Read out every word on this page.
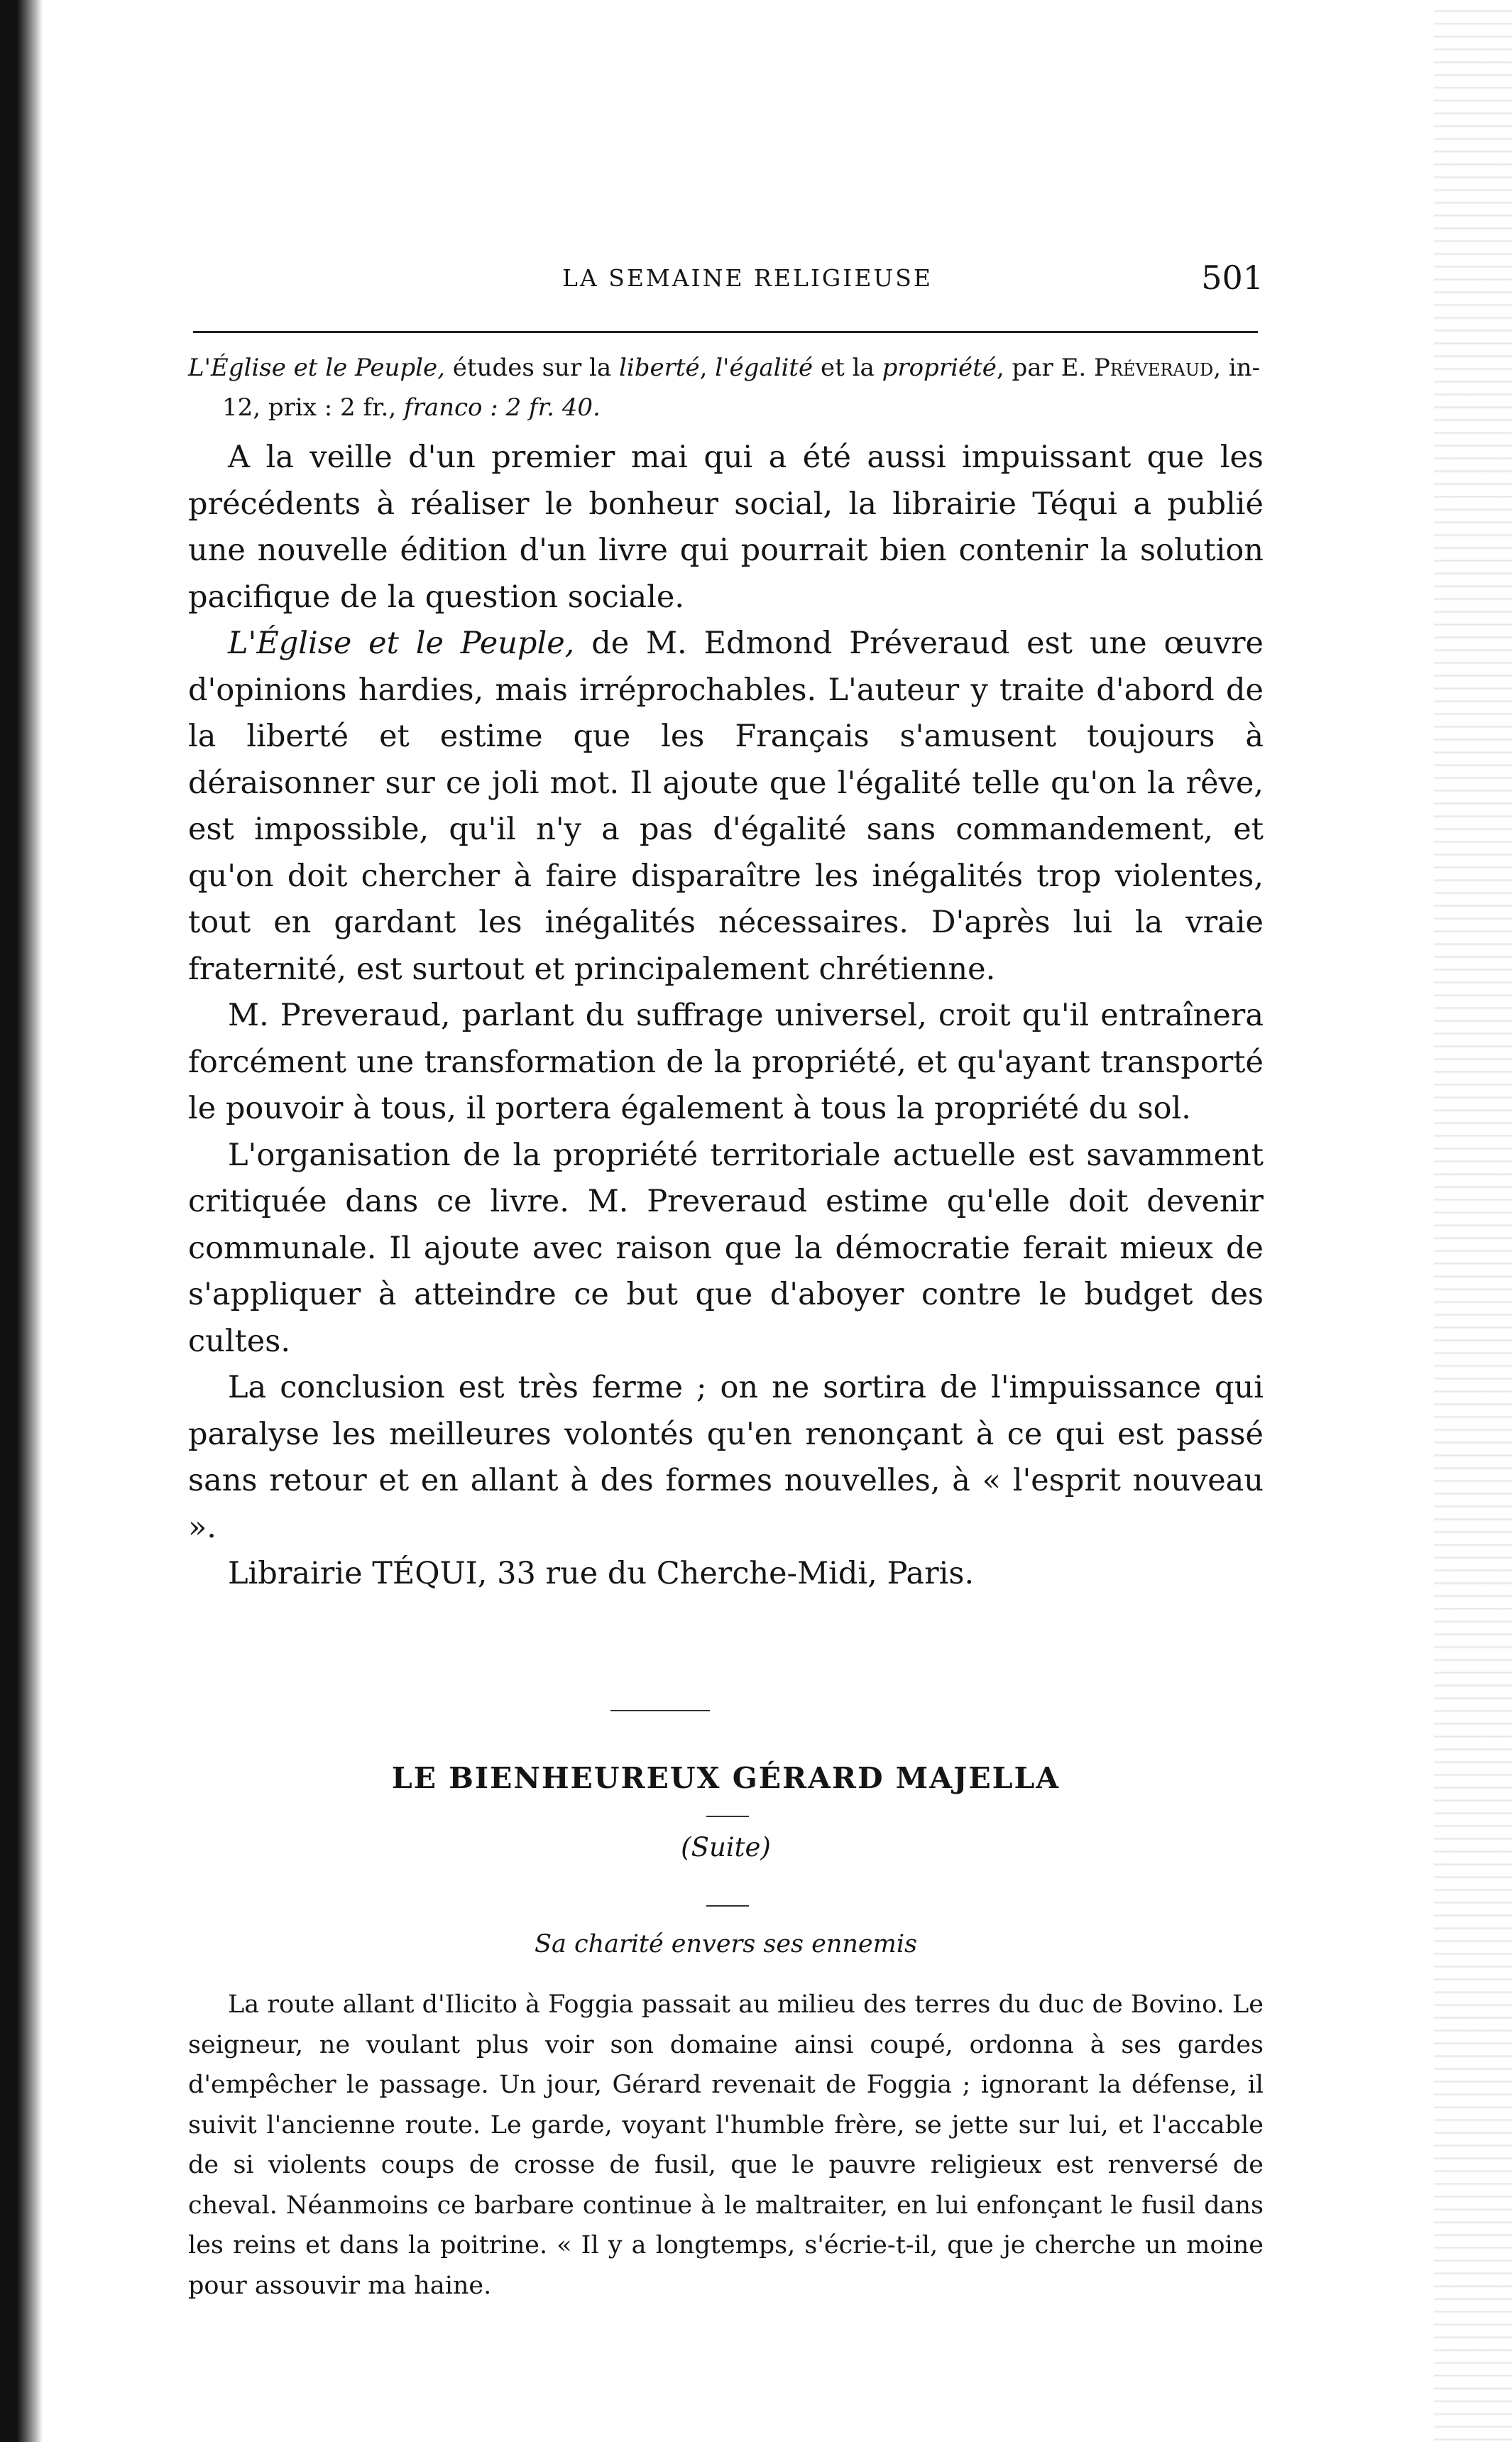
LA SEMAINE RELIGIEUSE	501

L'Église et le Peuple, études sur la liberté, l'égalité et la propriété, par E. Préveraud, in-12, prix : 2 fr., franco : 2 fr. 40.

A la veille d'un premier mai qui a été aussi impuissant que les précédents à réaliser le bonheur social, la librairie Téqui a publié une nouvelle édition d'un livre qui pourrait bien contenir la solution pacifique de la question sociale.

L'Église et le Peuple, de M. Edmond Préveraud est une œuvre d'opinions hardies, mais irréprochables. L'auteur y traite d'abord de la liberté et estime que les Français s'amusent toujours à déraisonner sur ce joli mot. Il ajoute que l'égalité telle qu'on la rêve, est impossible, qu'il n'y a pas d'égalité sans commandement, et qu'on doit chercher à faire disparaître les inégalités trop violentes, tout en gardant les inégalités nécessaires. D'après lui la vraie fraternité, est surtout et principalement chrétienne.

M. Preveraud, parlant du suffrage universel, croit qu'il entraînera forcément une transformation de la propriété, et qu'ayant transporté le pouvoir à tous, il portera également à tous la propriété du sol.

L'organisation de la propriété territoriale actuelle est savamment critiquée dans ce livre. M. Preveraud estime qu'elle doit devenir communale. Il ajoute avec raison que la démocratie ferait mieux de s'appliquer à atteindre ce but que d'aboyer contre le budget des cultes.

La conclusion est très ferme ; on ne sortira de l'impuissance qui paralyse les meilleures volontés qu'en renonçant à ce qui est passé sans retour et en allant à des formes nouvelles, à « l'esprit nouveau ».

Librairie TÉQUI, 33 rue du Cherche-Midi, Paris.

LE BIENHEUREUX GÉRARD MAJELLA
(Suite)
Sa charité envers ses ennemis

La route allant d'Ilicito à Foggia passait au milieu des terres du duc de Bovino. Le seigneur, ne voulant plus voir son domaine ainsi coupé, ordonna à ses gardes d'empêcher le passage. Un jour, Gérard revenait de Foggia ; ignorant la défense, il suivit l'ancienne route. Le garde, voyant l'humble frère, se jette sur lui, et l'accable de si violents coups de crosse de fusil, que le pauvre religieux est renversé de cheval. Néanmoins ce barbare continue à le maltraiter, en lui enfonçant le fusil dans les reins et dans la poitrine. « Il y a longtemps, s'écrie-t-il, que je cherche un moine pour assouvir ma haine.
